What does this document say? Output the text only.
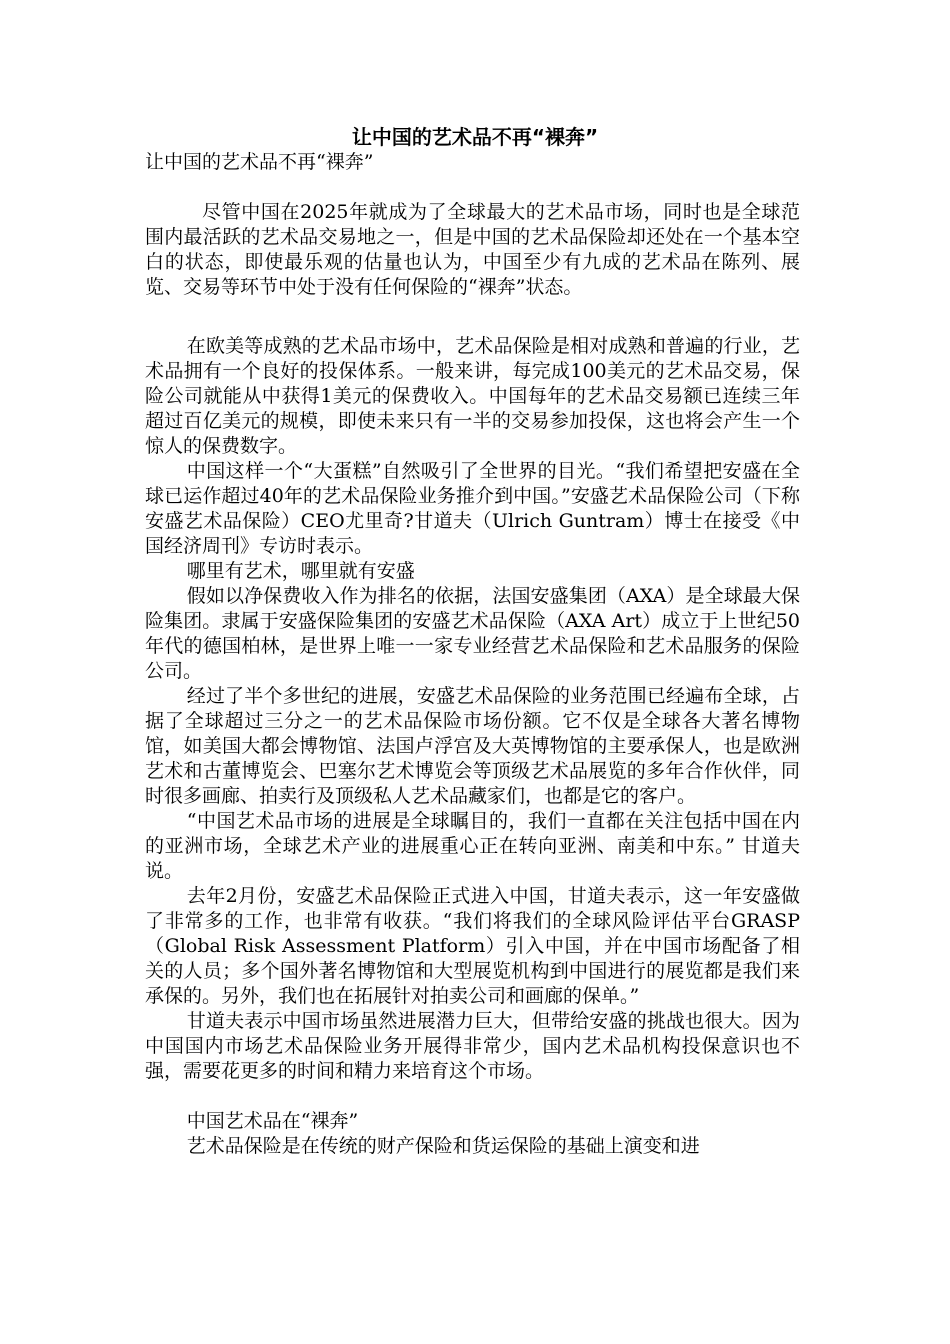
让中国的艺术品不再“裸奔”

让中国的艺术品不再“裸奔”

尽管中国在2025年就成为了全球最大的艺术品市场，同时也是全球范围内最活跃的艺术品交易地之一，但是中国的艺术品保险却还处在一个基本空白的状态，即使最乐观的估量也认为，中国至少有九成的艺术品在陈列、展览、交易等环节中处于没有任何保险的“裸奔”状态。

在欧美等成熟的艺术品市场中，艺术品保险是相对成熟和普遍的行业，艺术品拥有一个良好的投保体系。一般来讲，每完成100美元的艺术品交易，保险公司就能从中获得1美元的保费收入。中国每年的艺术品交易额已连续三年超过百亿美元的规模，即使未来只有一半的交易参加投保，这也将会产生一个惊人的保费数字。

中国这样一个“大蛋糕”自然吸引了全世界的目光。“我们希望把安盛在全球已运作超过40年的艺术品保险业务推介到中国。”安盛艺术品保险公司（下称安盛艺术品保险）CEO尤里奇?甘道夫（Ulrich Guntram）博士在接受《中国经济周刊》专访时表示。

哪里有艺术，哪里就有安盛

假如以净保费收入作为排名的依据，法国安盛集团（AXA）是全球最大保险集团。隶属于安盛保险集团的安盛艺术品保险（AXA Art）成立于上世纪50年代的德国柏林，是世界上唯一一家专业经营艺术品保险和艺术品服务的保险公司。

经过了半个多世纪的进展，安盛艺术品保险的业务范围已经遍布全球，占据了全球超过三分之一的艺术品保险市场份额。它不仅是全球各大著名博物馆，如美国大都会博物馆、法国卢浮宫及大英博物馆的主要承保人，也是欧洲艺术和古董博览会、巴塞尔艺术博览会等顶级艺术品展览的多年合作伙伴，同时很多画廊、拍卖行及顶级私人艺术品藏家们，也都是它的客户。

“中国艺术品市场的进展是全球瞩目的，我们一直都在关注包括中国在内的亚洲市场，全球艺术产业的进展重心正在转向亚洲、南美和中东。” 甘道夫说。

去年2月份，安盛艺术品保险正式进入中国，甘道夫表示，这一年安盛做了非常多的工作，也非常有收获。“我们将我们的全球风险评估平台GRASP（Global Risk Assessment Platform）引入中国，并在中国市场配备了相关的人员；多个国外著名博物馆和大型展览机构到中国进行的展览都是我们来承保的。另外，我们也在拓展针对拍卖公司和画廊的保单。”

甘道夫表示中国市场虽然进展潜力巨大，但带给安盛的挑战也很大。因为中国国内市场艺术品保险业务开展得非常少，国内艺术品机构投保意识也不强，需要花更多的时间和精力来培育这个市场。

中国艺术品在“裸奔”

艺术品保险是在传统的财产保险和货运保险的基础上演变和进
